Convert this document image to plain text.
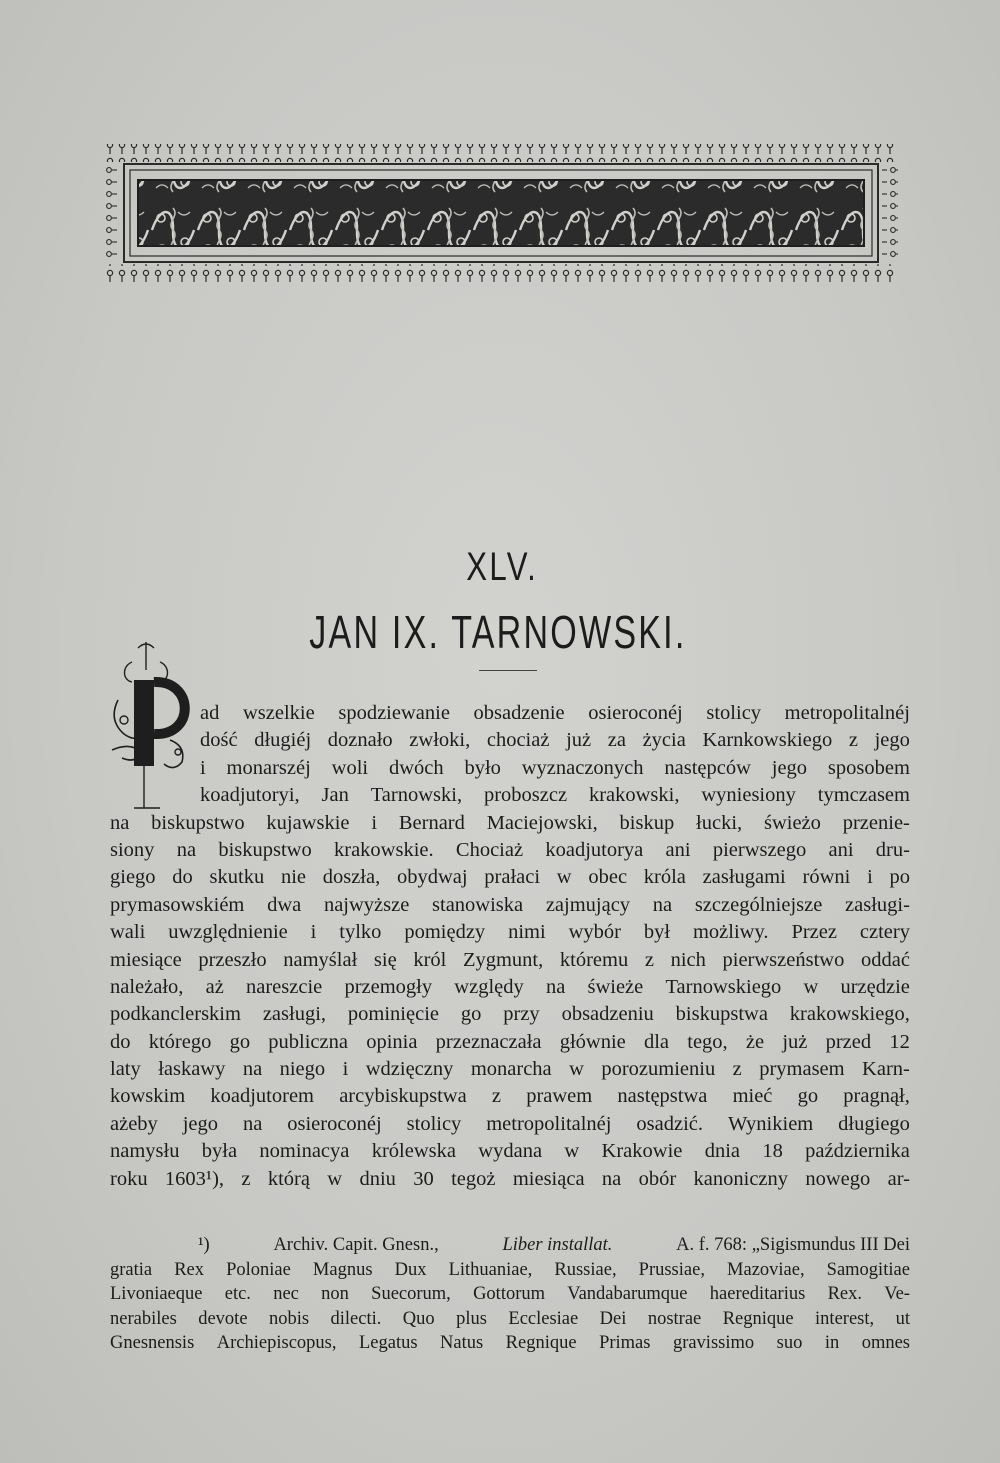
XLV.
JAN IX. TARNOWSKI.
ad wszelkie spodziewanie obsadzenie osieroconéj stolicy metropolitalnéj
dość długiéj doznało zwłoki, chociaż już za życia Karnkowskiego z jego
i monarszéj woli dwóch było wyznaczonych następców jego sposobem
koadjutoryi, Jan Tarnowski, proboszcz krakowski, wyniesiony tymczasem
na biskupstwo kujawskie i Bernard Maciejowski, biskup łucki, świeżo przenie-
siony na biskupstwo krakowskie. Chociaż koadjutorya ani pierwszego ani dru-
giego do skutku nie doszła, obydwaj prałaci w obec króla zasługami równi i po
prymasowskiém dwa najwyższe stanowiska zajmujący na szczególniejsze zasługi-
wali uwzględnienie i tylko pomiędzy nimi wybór był możliwy. Przez cztery
miesiące przeszło namyślał się król Zygmunt, któremu z nich pierwszeństwo oddać
należało, aż nareszcie przemogły względy na świeże Tarnowskiego w urzędzie
podkanclerskim zasługi, pominięcie go przy obsadzeniu biskupstwa krakowskiego,
do którego go publiczna opinia przeznaczała głównie dla tego, że już przed 12
laty łaskawy na niego i wdzięczny monarcha w porozumieniu z prymasem Karn-
kowskim koadjutorem arcybiskupstwa z prawem następstwa mieć go pragnął,
ażeby jego na osieroconéj stolicy metropolitalnéj osadzić. Wynikiem długiego
namysłu była nominacya królewska wydana w Krakowie dnia 18 października
roku 1603¹), z którą w dniu 30 tegoż miesiąca na obór kanoniczny nowego ar-
¹)	Archiv. Capit. Gnesn.,	Liber installat.	A. f. 768: „Sigismundus III Dei
gratia Rex Poloniae Magnus Dux Lithuaniae, Russiae, Prussiae, Mazoviae, Samogitiae
Livoniaeque etc. nec non Suecorum, Gottorum Vandabarumque haereditarius Rex. Ve-
nerabiles devote nobis dilecti. Quo plus Ecclesiae Dei nostrae Regnique interest, ut
Gnesnensis Archiepiscopus, Legatus Natus Regnique Primas gravissimo suo in omnes
